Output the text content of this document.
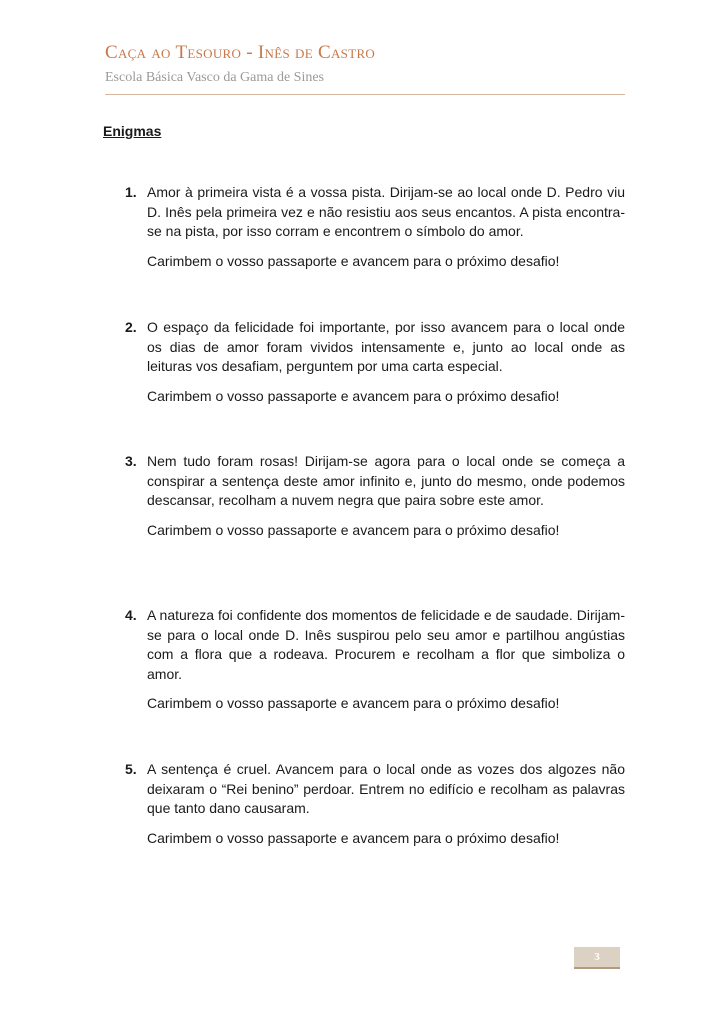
Caça ao Tesouro - Inês de Castro

Escola Básica Vasco da Gama de Sines

Enigmas

1. Amor à primeira vista é a vossa pista. Dirijam-se ao local onde D. Pedro viu D. Inês pela primeira vez e não resistiu aos seus encantos. A pista encontra-se na pista, por isso corram e encontrem o símbolo do amor.

Carimbem o vosso passaporte e avancem para o próximo desafio!

2. O espaço da felicidade foi importante, por isso avancem para o local onde os dias de amor foram vividos intensamente e, junto ao local onde as leituras vos desafiam, perguntem por uma carta especial.

Carimbem o vosso passaporte e avancem para o próximo desafio!

3. Nem tudo foram rosas! Dirijam-se agora para o local onde se começa a conspirar a sentença deste amor infinito e, junto do mesmo, onde podemos descansar, recolham a nuvem negra que paira sobre este amor.

Carimbem o vosso passaporte e avancem para o próximo desafio!

4. A natureza foi confidente dos momentos de felicidade e de saudade. Dirijam-se para o local onde D. Inês suspirou pelo seu amor e partilhou angústias com a flora que a rodeava. Procurem e recolham a flor que simboliza o amor.

Carimbem o vosso passaporte e avancem para o próximo desafio!

5. A sentença é cruel. Avancem para o local onde as vozes dos algozes não deixaram o “Rei benino” perdoar. Entrem no edifício e recolham as palavras que tanto dano causaram.

Carimbem o vosso passaporte e avancem para o próximo desafio!

3
